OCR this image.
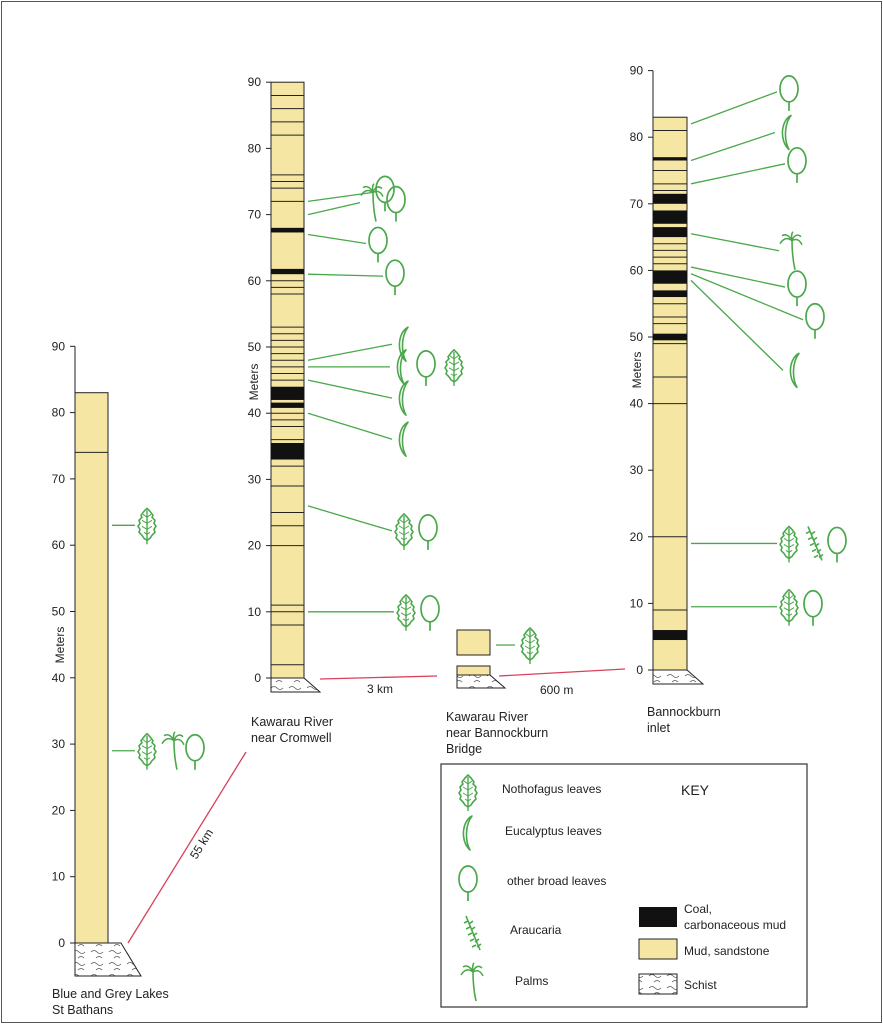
Meters
0
10
20
30
40
50
60
70
80
90
Blue and Grey Lakes
St Bathans
Meters
0
10
20
30
40
50
60
70
80
90
Kawarau River
near Cromwell
Kawarau River
near Bannockburn
Bridge
Meters
0
10
20
30
40
50
60
70
80
90
Bannockburn
inlet
55 km
3 km	600 m
KEY
Nothofagus leaves
Eucalyptus leaves
other broad leaves
Araucaria
Palms
Coal,
carbonaceous mud
Mud, sandstone
Schist
